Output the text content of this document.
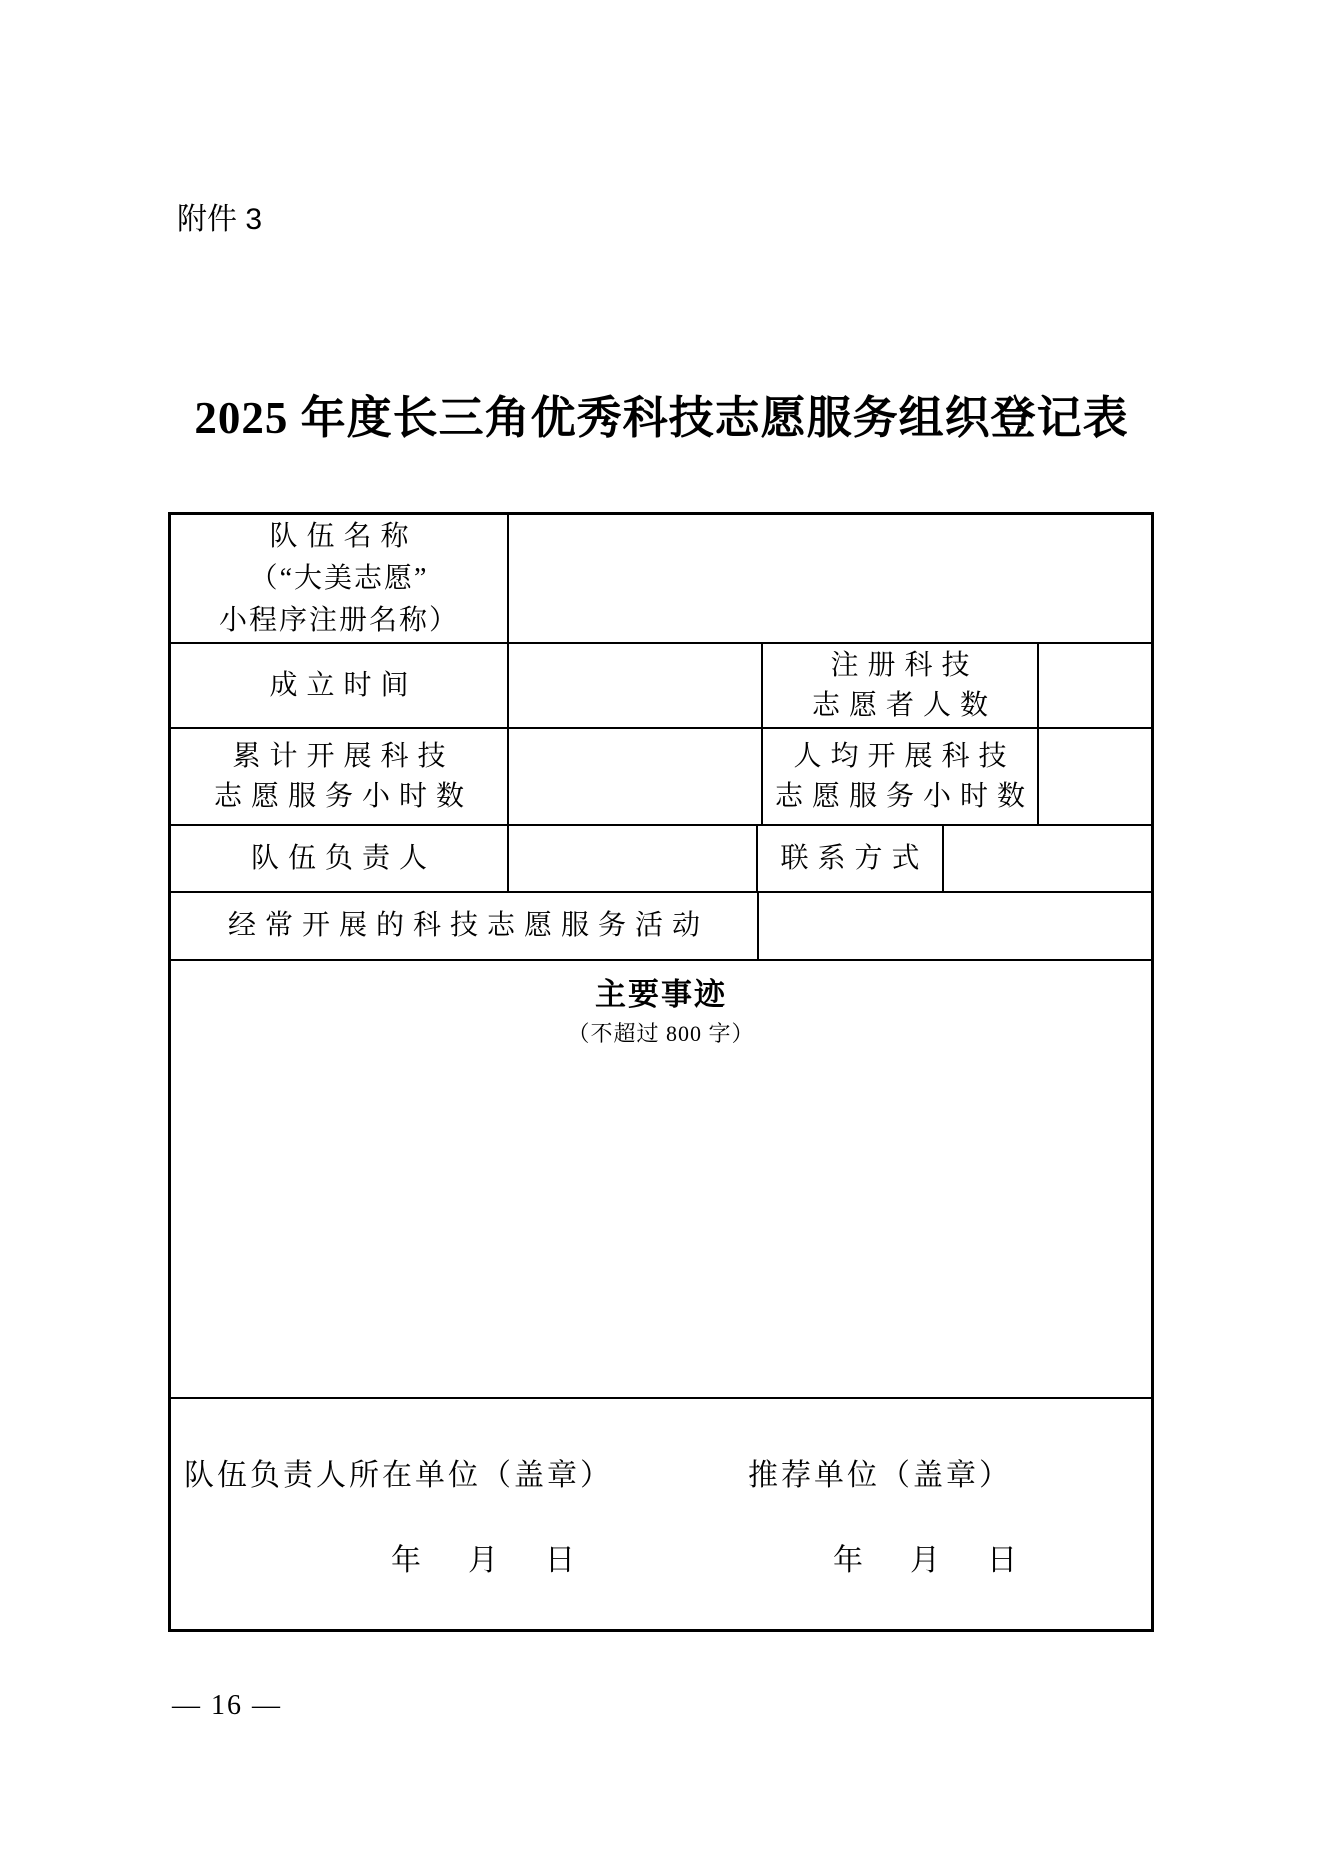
附件 3
2025 年度长三角优秀科技志愿服务组织登记表
队伍名称
（“大美志愿”
小程序注册名称）
成立时间
注册科技
志愿者人数
累计开展科技
志愿服务小时数
人均开展科技
志愿服务小时数
队伍负责人	联系方式
经常开展的科技志愿服务活动
主要事迹
（不超过 800 字）
队伍负责人所在单位（盖章）
年 月 日
推荐单位（盖章）
年 月 日
— 16 —
